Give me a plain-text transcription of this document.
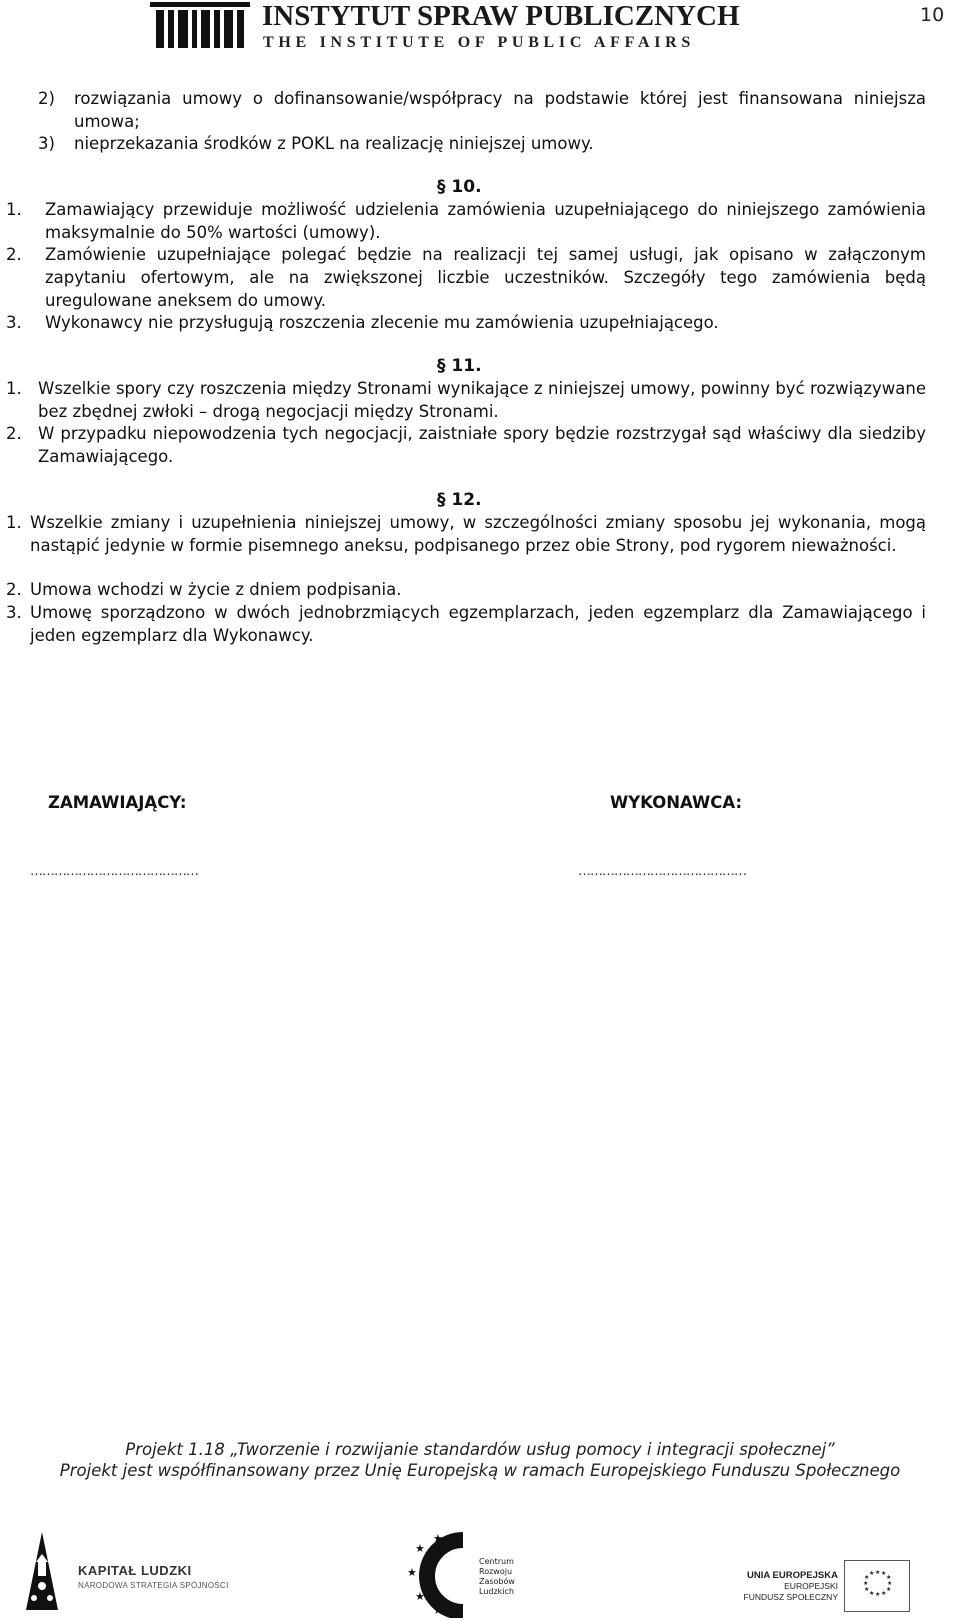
INSTYTUT SPRAW PUBLICZNYCH
THE INSTITUTE OF PUBLIC AFFAIRS
10
2) rozwiązania umowy o dofinansowanie/współpracy na podstawie której jest finansowana niniejsza umowa;
3) nieprzekazania środków z POKL na realizację niniejszej umowy.
§ 10.
1. Zamawiający przewiduje możliwość udzielenia zamówienia uzupełniającego do niniejszego zamówienia maksymalnie do 50% wartości (umowy).
2. Zamówienie uzupełniające polegać będzie na realizacji tej samej usługi, jak opisano w załączonym zapytaniu ofertowym, ale na zwiększonej liczbie uczestników. Szczegóły tego zamówienia będą uregulowane aneksem do umowy.
3. Wykonawcy nie przysługują roszczenia zlecenie mu zamówienia uzupełniającego.
§ 11.
1. Wszelkie spory czy roszczenia między Stronami wynikające z niniejszej umowy, powinny być rozwiązywane bez zbędnej zwłoki – drogą negocjacji między Stronami.
2. W przypadku niepowodzenia tych negocjacji, zaistniałe spory będzie rozstrzygał sąd właściwy dla siedziby Zamawiającego.
§ 12.
1. Wszelkie zmiany i uzupełnienia niniejszej umowy, w szczególności zmiany sposobu jej wykonania, mogą nastąpić jedynie w formie pisemnego aneksu, podpisanego przez obie Strony, pod rygorem nieważności.
2. Umowa wchodzi w życie z dniem podpisania.
3. Umowę sporządzono w dwóch jednobrzmiących egzemplarzach, jeden egzemplarz dla Zamawiającego i jeden egzemplarz dla Wykonawcy.
ZAMAWIAJĄCY:	WYKONAWCA:
……………………………………	……………………………………
Projekt 1.18 „Tworzenie i rozwijanie standardów usług pomocy i integracji społecznej”
Projekt jest współfinansowany przez Unię Europejską w ramach Europejskiego Funduszu Społecznego
KAPITAŁ LUDZKI
NARODOWA STRATEGIA SPÓJNOŚCI
★
★
★
★
★
Centrum
Rozwoju
Zasobów
Ludzkich
UNIA EUROPEJSKA
EUROPEJSKI
FUNDUSZ SPOŁECZNY
★ ★
★
★
★
★
★
★
★
★
★
★
